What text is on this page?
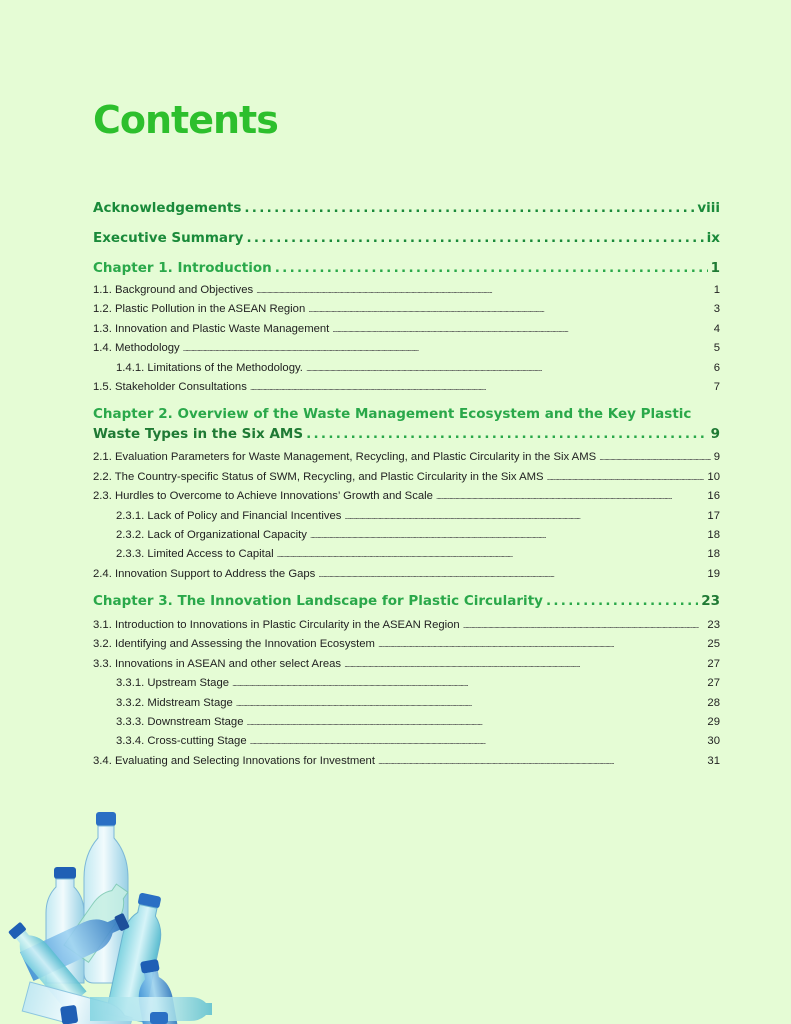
Contents
Acknowledgements . . .	viii
Executive Summary . . .	ix
Chapter 1. Introduction . . .	1
1.1. Background and Objectives . . .	1
1.2. Plastic Pollution in the ASEAN Region . . .	3
1.3. Innovation and Plastic Waste Management . . .	4
1.4. Methodology . . .	5
1.4.1. Limitations of the Methodology. . . .	6
1.5. Stakeholder Consultations . . .	7
Chapter 2. Overview of the Waste Management Ecosystem and the Key Plastic
Waste Types in the Six AMS . . .	9
2.1. Evaluation Parameters for Waste Management, Recycling, and Plastic Circularity in the Six AMS . . .	9
2.2. The Country-specific Status of SWM, Recycling, and Plastic Circularity in the Six AMS . . .	10
2.3. Hurdles to Overcome to Achieve Innovations’ Growth and Scale . . .	16
2.3.1. Lack of Policy and Financial Incentives . . .	17
2.3.2. Lack of Organizational Capacity . . .	18
2.3.3. Limited Access to Capital . . .	18
2.4. Innovation Support to Address the Gaps . . .	19
Chapter 3. The Innovation Landscape for Plastic Circularity . . .	23
3.1. Introduction to Innovations in Plastic Circularity in the ASEAN Region . . .	23
3.2. Identifying and Assessing the Innovation Ecosystem . . .	25
3.3. Innovations in ASEAN and other select Areas . . .	27
3.3.1. Upstream Stage . . .	27
3.3.2. Midstream Stage . . .	28
3.3.3. Downstream Stage . . .	29
3.3.4. Cross-cutting Stage . . .	30
3.4. Evaluating and Selecting Innovations for Investment . . .	31
